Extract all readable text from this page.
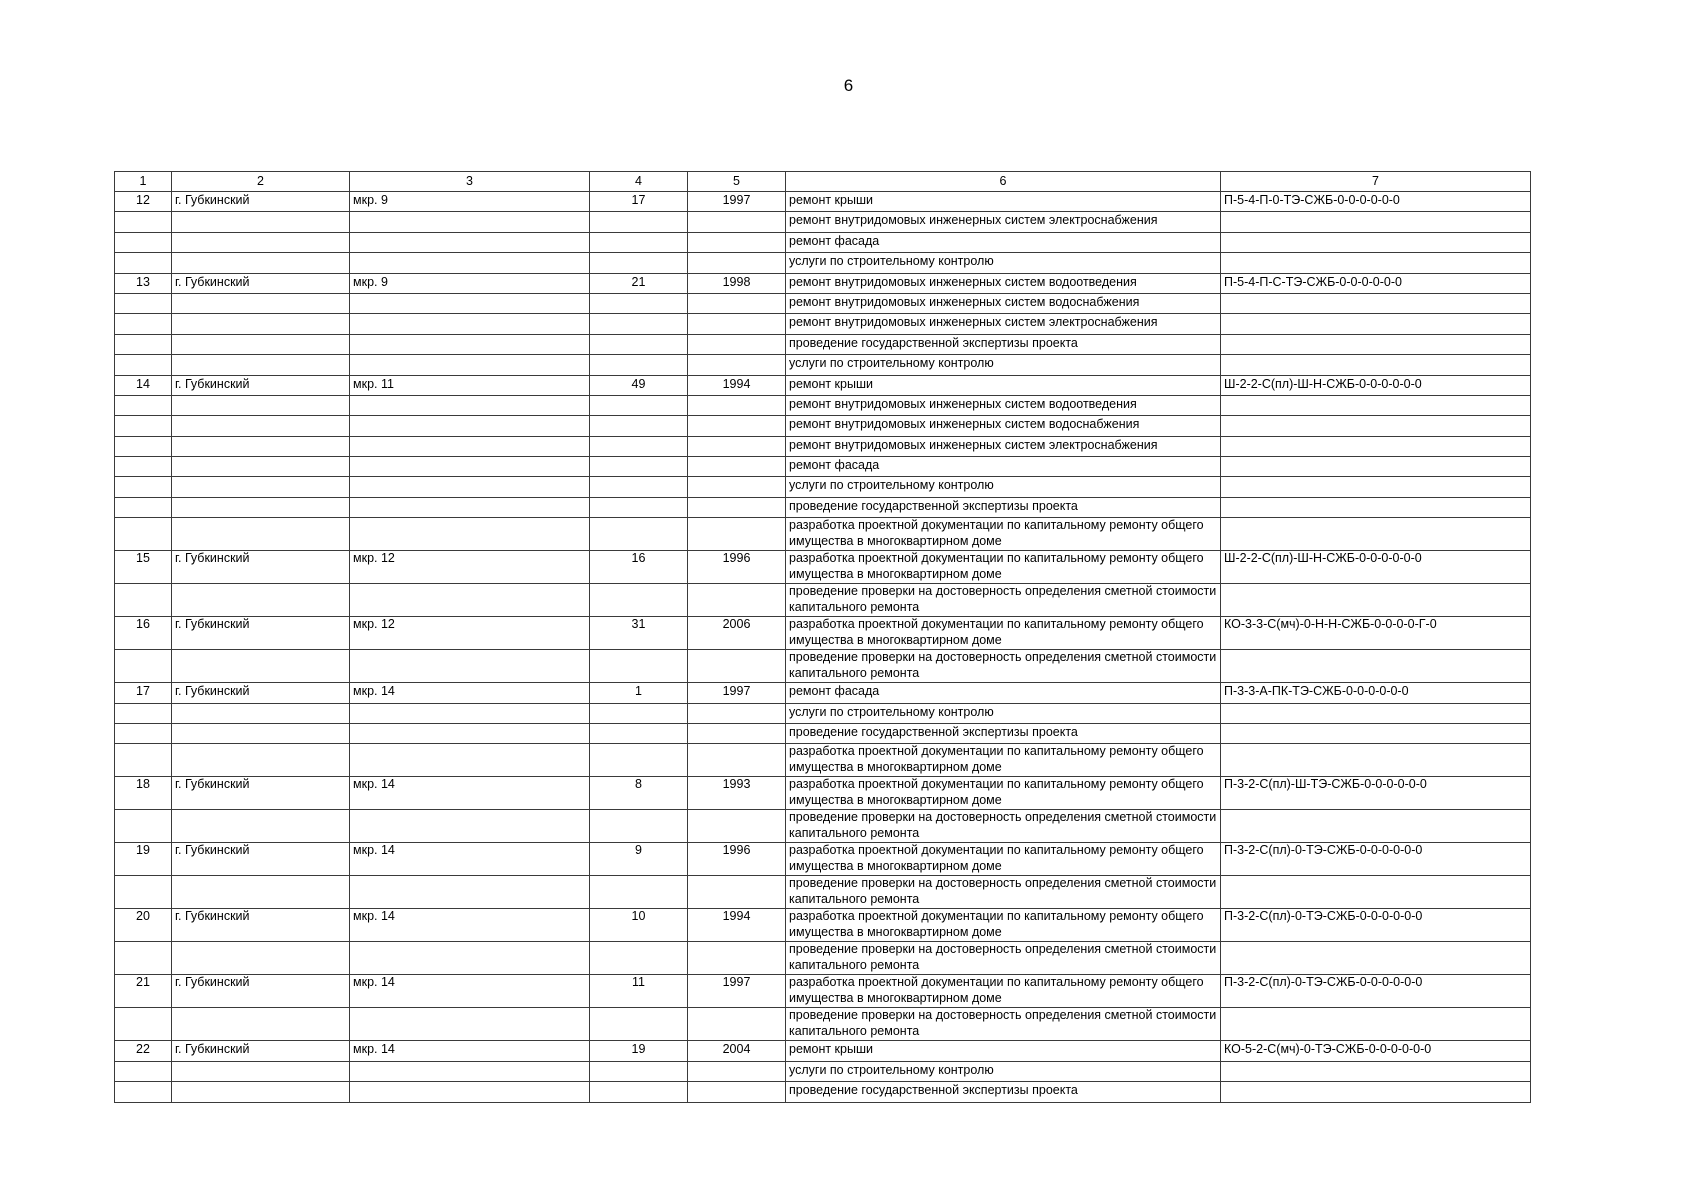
6
1	2	3	4	5	6	7
12	г. Губкинский	мкр. 9	17	1997	ремонт крыши	П-5-4-П-0-ТЭ-СЖБ-0-0-0-0-0-0
					ремонт внутридомовых инженерных систем электроснабжения	
					ремонт фасада	
					услуги по строительному контролю	
13	г. Губкинский	мкр. 9	21	1998	ремонт внутридомовых инженерных систем водоотведения	П-5-4-П-С-ТЭ-СЖБ-0-0-0-0-0-0
					ремонт внутридомовых инженерных систем водоснабжения	
					ремонт внутридомовых инженерных систем электроснабжения	
					проведение государственной экспертизы проекта	
					услуги по строительному контролю	
14	г. Губкинский	мкр. 11	49	1994	ремонт крыши	Ш-2-2-С(пл)-Ш-Н-СЖБ-0-0-0-0-0-0
					ремонт внутридомовых инженерных систем водоотведения	
					ремонт внутридомовых инженерных систем водоснабжения	
					ремонт внутридомовых инженерных систем электроснабжения	
					ремонт фасада	
					услуги по строительному контролю	
					проведение государственной экспертизы проекта	
					разработка проектной документации по капитальному ремонту общего имущества в многоквартирном доме	
15	г. Губкинский	мкр. 12	16	1996	разработка проектной документации по капитальному ремонту общего имущества в многоквартирном доме	Ш-2-2-С(пл)-Ш-Н-СЖБ-0-0-0-0-0-0
					проведение проверки на достоверность определения сметной стоимости капитального ремонта	
16	г. Губкинский	мкр. 12	31	2006	разработка проектной документации по капитальному ремонту общего имущества в многоквартирном доме	КО-3-3-С(мч)-0-Н-Н-СЖБ-0-0-0-0-Г-0
					проведение проверки на достоверность определения сметной стоимости капитального ремонта	
17	г. Губкинский	мкр. 14	1	1997	ремонт фасада	П-3-3-А-ПК-ТЭ-СЖБ-0-0-0-0-0-0
					услуги по строительному контролю	
					проведение государственной экспертизы проекта	
					разработка проектной документации по капитальному ремонту общего имущества в многоквартирном доме	
18	г. Губкинский	мкр. 14	8	1993	разработка проектной документации по капитальному ремонту общего имущества в многоквартирном доме	П-3-2-С(пл)-Ш-ТЭ-СЖБ-0-0-0-0-0-0
					проведение проверки на достоверность определения сметной стоимости капитального ремонта	
19	г. Губкинский	мкр. 14	9	1996	разработка проектной документации по капитальному ремонту общего имущества в многоквартирном доме	П-3-2-С(пл)-0-ТЭ-СЖБ-0-0-0-0-0-0
					проведение проверки на достоверность определения сметной стоимости капитального ремонта	
20	г. Губкинский	мкр. 14	10	1994	разработка проектной документации по капитальному ремонту общего имущества в многоквартирном доме	П-3-2-С(пл)-0-ТЭ-СЖБ-0-0-0-0-0-0
					проведение проверки на достоверность определения сметной стоимости капитального ремонта	
21	г. Губкинский	мкр. 14	11	1997	разработка проектной документации по капитальному ремонту общего имущества в многоквартирном доме	П-3-2-С(пл)-0-ТЭ-СЖБ-0-0-0-0-0-0
					проведение проверки на достоверность определения сметной стоимости капитального ремонта	
22	г. Губкинский	мкр. 14	19	2004	ремонт крыши	КО-5-2-С(мч)-0-ТЭ-СЖБ-0-0-0-0-0-0
					услуги по строительному контролю	
					проведение государственной экспертизы проекта	
